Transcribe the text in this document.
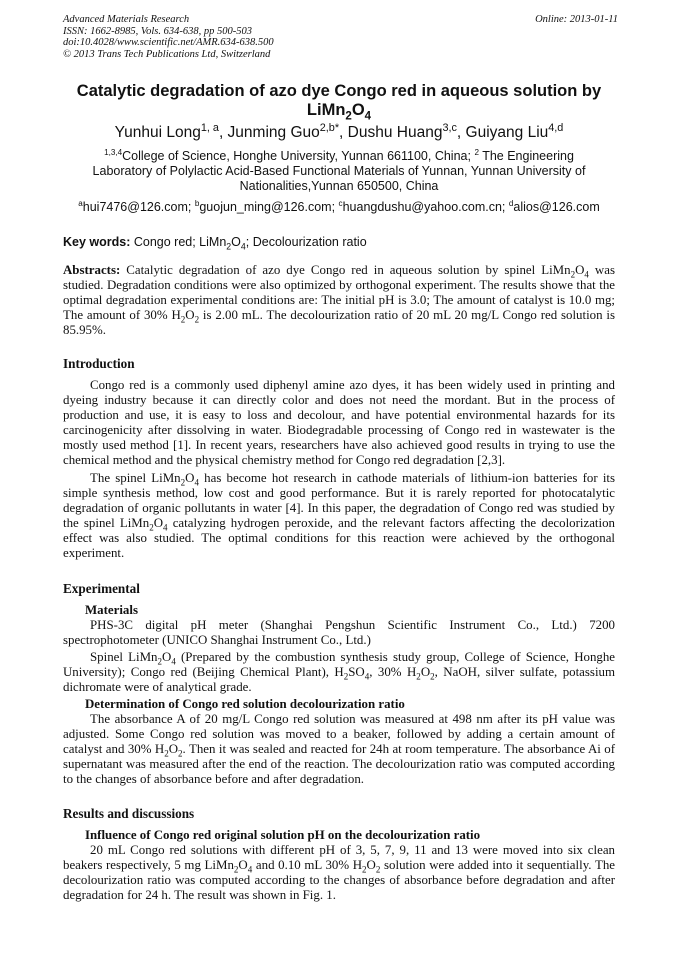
Advanced Materials Research
ISSN: 1662-8985, Vols. 634-638, pp 500-503
doi:10.4028/www.scientific.net/AMR.634-638.500
© 2013 Trans Tech Publications Ltd, Switzerland
Online: 2013-01-11
Catalytic degradation of azo dye Congo red in aqueous solution by
$LiMn_2O_4$
Yunhui Long$^{1, a}$, Junming Guo$^{2,b*}$, Dushu Huang$^{3,c}$, Guiyang Liu$^{4,d}$
$^{1,3,4}$College of Science, Honghe University, Yunnan 661100, China; $^2$ The Engineering Laboratory of Polylactic Acid-Based Functional Materials of Yunnan, Yunnan University of Nationalities,Yunnan 650500, China
$^a$hui7476@126.com; $^b$guojun_ming@126.com; $^c$huangdushu@yahoo.com.cn; $^d$alios@126.com
Key words: Congo red; $LiMn_2O_4$; Decolourization ratio
Abstracts: Catalytic degradation of azo dye Congo red in aqueous solution by spinel $LiMn_2O_4$ was studied. Degradation conditions were also optimized by orthogonal experiment. The results showe that the optimal degradation experimental conditions are: The initial pH is 3.0; The amount of catalyst is 10.0 mg; The amount of 30% $H_2O_2$ is 2.00 mL. The decolourization ratio of 20 mL 20 mg/L Congo red solution is 85.95%.
Introduction
Congo red is a commonly used diphenyl amine azo dyes, it has been widely used in printing and dyeing industry because it can directly color and does not need the mordant. But in the process of production and use, it is easy to loss and decolour, and have potential environmental hazards for its carcinogenicity after dissolving in water. Biodegradable processing of Congo red in wastewater is the mostly used method [1]. In recent years, researchers have also achieved good results in trying to use the chemical method and the physical chemistry method for Congo red degradation [2,3].
The spinel $LiMn_2O_4$ has become hot research in cathode materials of lithium-ion batteries for its simple synthesis method, low cost and good performance. But it is rarely reported for photocatalytic degradation of organic pollutants in water [4]. In this paper, the degradation of Congo red was studied by the spinel $LiMn_2O_4$ catalyzing hydrogen peroxide, and the relevant factors affecting the decolorization effect was also studied. The optimal conditions for this reaction were achieved by the orthogonal experiment.
Experimental
Materials
PHS-3C digital pH meter (Shanghai Pengshun Scientific Instrument Co., Ltd.) 7200 spectrophotometer (UNICO Shanghai Instrument Co., Ltd.)
Spinel $LiMn_2O_4$ (Prepared by the combustion synthesis study group, College of Science, Honghe University); Congo red (Beijing Chemical Plant), $H_2SO_4$, 30% $H_2O_2$, NaOH, silver sulfate, potassium dichromate were of analytical grade.
Determination of Congo red solution decolourization ratio
The absorbance A of 20 mg/L Congo red solution was measured at 498 nm after its pH value was adjusted. Some Congo red solution was moved to a beaker, followed by adding a certain amount of catalyst and 30% $H_2O_2$. Then it was sealed and reacted for 24h at room temperature. The absorbance Ai of supernatant was measured after the end of the reaction. The decolourization ratio was computed according to the changes of absorbance before and after degradation.
Results and discussions
Influence of Congo red original solution pH on the decolourization ratio
20 mL Congo red solutions with different pH of 3, 5, 7, 9, 11 and 13 were moved into six clean beakers respectively, 5 mg $LiMn_2O_4$ and 0.10 mL 30% $H_2O_2$ solution were added into it sequentially. The decolourization ratio was computed according to the changes of absorbance before degradation and after degradation for 24 h. The result was shown in Fig. 1.
